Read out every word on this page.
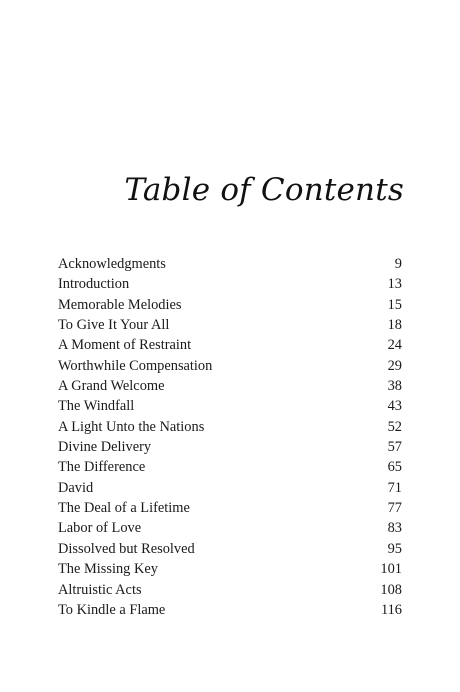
Table of Contents
Acknowledgments	9
Introduction	13
Memorable Melodies	15
To Give It Your All	18
A Moment of Restraint	24
Worthwhile Compensation	29
A Grand Welcome	38
The Windfall	43
A Light Unto the Nations	52
Divine Delivery	57
The Difference	65
David	71
The Deal of a Lifetime	77
Labor of Love	83
Dissolved but Resolved	95
The Missing Key	101
Altruistic Acts	108
To Kindle a Flame	116
